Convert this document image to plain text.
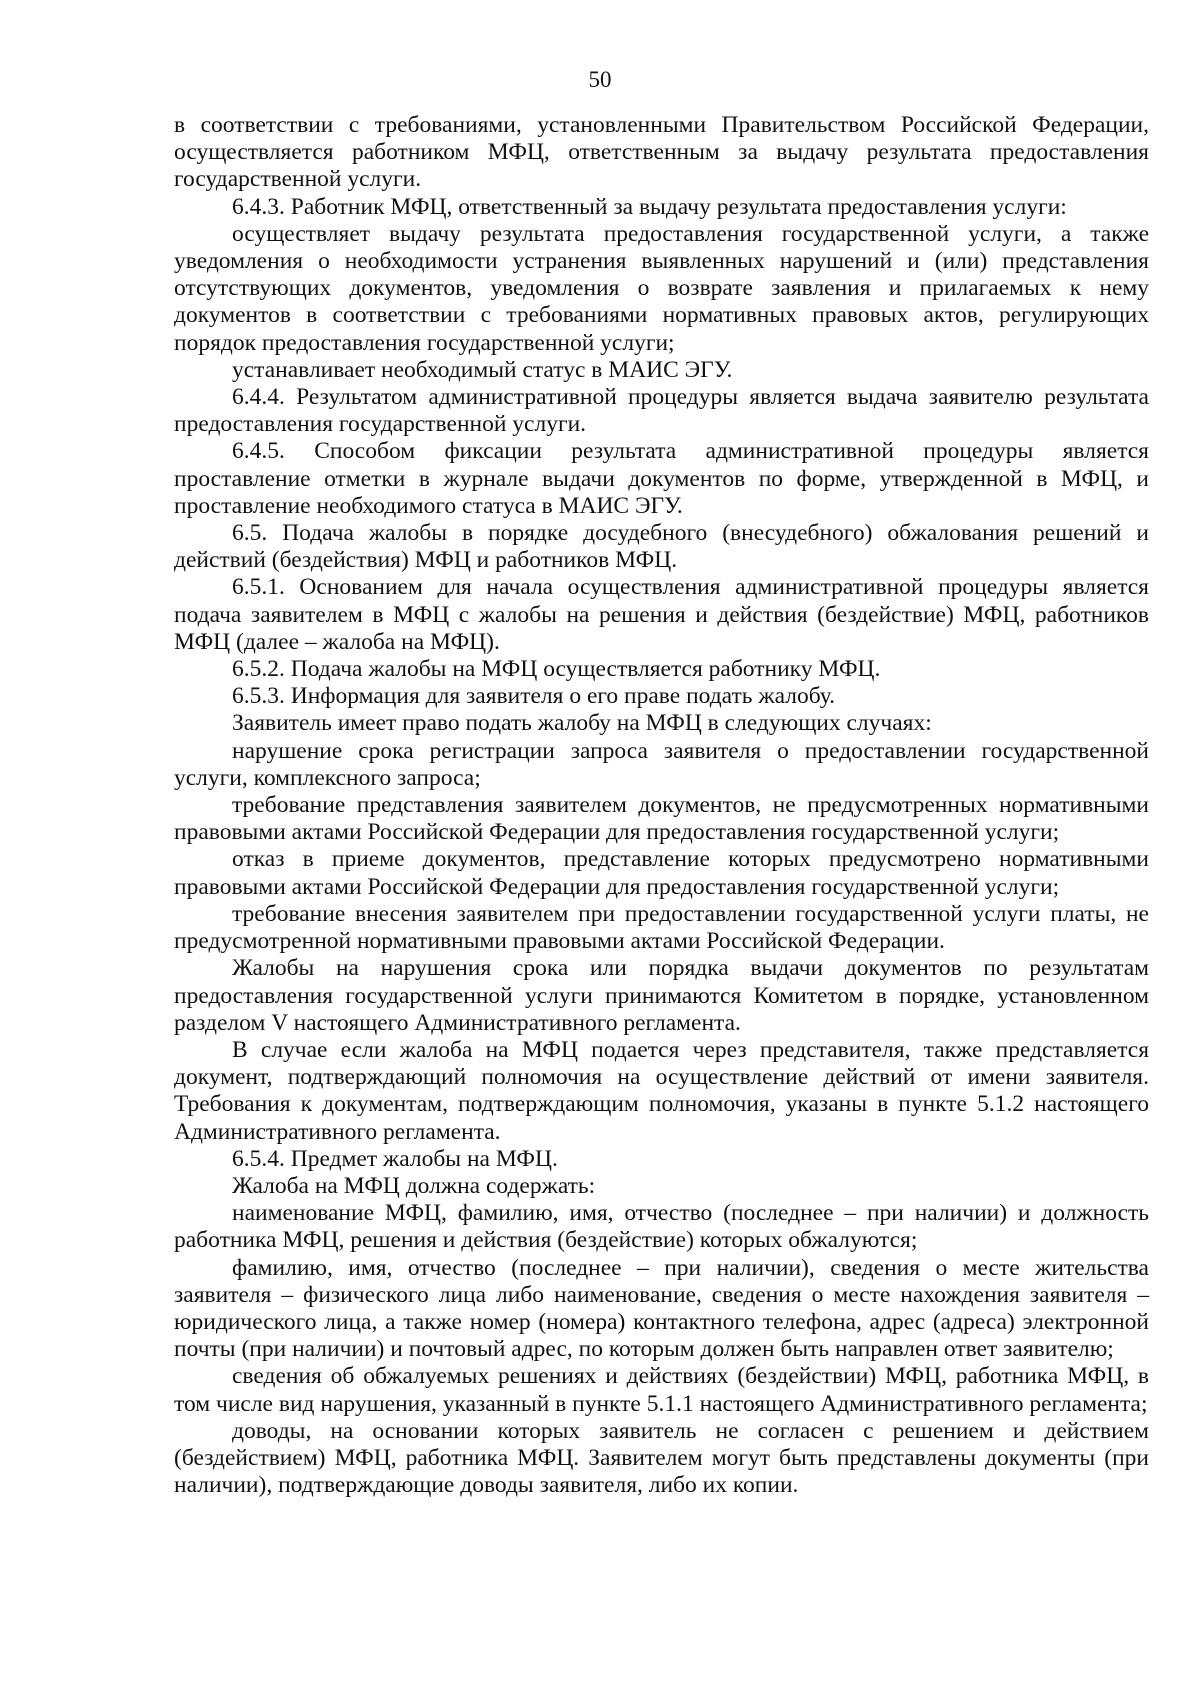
50

в соответствии с требованиями, установленными Правительством Российской Федерации, осуществляется работником МФЦ, ответственным за выдачу результата предоставления государственной услуги.

6.4.3. Работник МФЦ, ответственный за выдачу результата предоставления услуги:

осуществляет выдачу результата предоставления государственной услуги, а также уведомления о необходимости устранения выявленных нарушений и (или) представления отсутствующих документов, уведомления о возврате заявления и прилагаемых к нему документов в соответствии с требованиями нормативных правовых актов, регулирующих порядок предоставления государственной услуги;

устанавливает необходимый статус в МАИС ЭГУ.

6.4.4. Результатом административной процедуры является выдача заявителю результата предоставления государственной услуги.

6.4.5. Способом фиксации результата административной процедуры является проставление отметки в журнале выдачи документов по форме, утвержденной в МФЦ, и проставление необходимого статуса в МАИС ЭГУ.

6.5. Подача жалобы в порядке досудебного (внесудебного) обжалования решений и действий (бездействия) МФЦ и работников МФЦ.

6.5.1. Основанием для начала осуществления административной процедуры является подача заявителем в МФЦ с жалобы на решения и действия (бездействие) МФЦ, работников МФЦ (далее – жалоба на МФЦ).

6.5.2. Подача жалобы на МФЦ осуществляется работнику МФЦ.

6.5.3. Информация для заявителя о его праве подать жалобу.

Заявитель имеет право подать жалобу на МФЦ в следующих случаях:

нарушение срока регистрации запроса заявителя о предоставлении государственной услуги, комплексного запроса;

требование представления заявителем документов, не предусмотренных нормативными правовыми актами Российской Федерации для предоставления государственной услуги;

отказ в приеме документов, представление которых предусмотрено нормативными правовыми актами Российской Федерации для предоставления государственной услуги;

требование внесения заявителем при предоставлении государственной услуги платы, не предусмотренной нормативными правовыми актами Российской Федерации.

Жалобы на нарушения срока или порядка выдачи документов по результатам предоставления государственной услуги принимаются Комитетом в порядке, установленном разделом V настоящего Административного регламента.

В случае если жалоба на МФЦ подается через представителя, также представляется документ, подтверждающий полномочия на осуществление действий от имени заявителя. Требования к документам, подтверждающим полномочия, указаны в пункте 5.1.2 настоящего Административного регламента.

6.5.4. Предмет жалобы на МФЦ.

Жалоба на МФЦ должна содержать:

наименование МФЦ, фамилию, имя, отчество (последнее – при наличии) и должность работника МФЦ, решения и действия (бездействие) которых обжалуются;

фамилию, имя, отчество (последнее – при наличии), сведения о месте жительства заявителя – физического лица либо наименование, сведения о месте нахождения заявителя – юридического лица, а также номер (номера) контактного телефона, адрес (адреса) электронной почты (при наличии) и почтовый адрес, по которым должен быть направлен ответ заявителю;

сведения об обжалуемых решениях и действиях (бездействии) МФЦ, работника МФЦ, в том числе вид нарушения, указанный в пункте 5.1.1 настоящего Административного регламента;

доводы, на основании которых заявитель не согласен с решением и действием (бездействием) МФЦ, работника МФЦ. Заявителем могут быть представлены документы (при наличии), подтверждающие доводы заявителя, либо их копии.
